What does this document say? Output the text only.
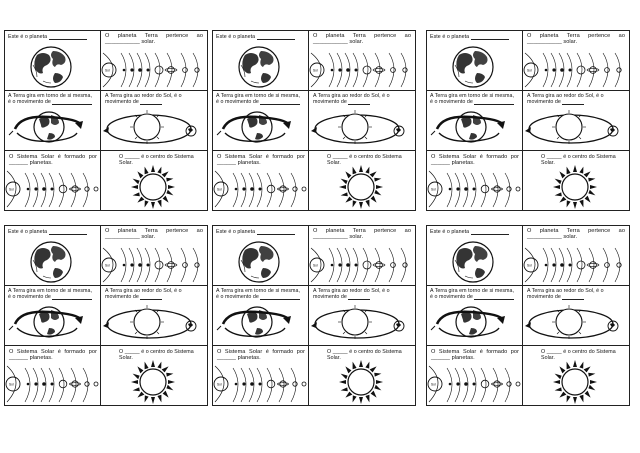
Este é o planeta	O planeta Terra pertence ao ___________ solar.
Sol
A Terra gira em torno de si mesma,
é o movimento de
A Terra gira ao redor do Sol, é o movimento de
O Sistema Solar é formado por ______ planetas.
Sol
O _____ é o centro do Sistema
Solar.
Este é o planeta	O planeta Terra pertence ao ___________ solar.
Sol
A Terra gira em torno de si mesma,
é o movimento de
A Terra gira ao redor do Sol, é o movimento de
O Sistema Solar é formado por ______ planetas.
Sol
O _____ é o centro do Sistema
Solar.
Este é o planeta	O planeta Terra pertence ao ___________ solar.
Sol
A Terra gira em torno de si mesma,
é o movimento de
A Terra gira ao redor do Sol, é o movimento de
O Sistema Solar é formado por ______ planetas.
Sol
O _____ é o centro do Sistema
Solar.
Este é o planeta	O planeta Terra pertence ao ___________ solar.
Sol
A Terra gira em torno de si mesma,
é o movimento de
A Terra gira ao redor do Sol, é o movimento de
O Sistema Solar é formado por ______ planetas.
Sol
O _____ é o centro do Sistema
Solar.
Este é o planeta	O planeta Terra pertence ao ___________ solar.
Sol
A Terra gira em torno de si mesma,
é o movimento de
A Terra gira ao redor do Sol, é o movimento de
O Sistema Solar é formado por ______ planetas.
Sol
O _____ é o centro do Sistema
Solar.
Este é o planeta	O planeta Terra pertence ao ___________ solar.
Sol
A Terra gira em torno de si mesma,
é o movimento de
A Terra gira ao redor do Sol, é o movimento de
O Sistema Solar é formado por ______ planetas.
Sol
O _____ é o centro do Sistema
Solar.
